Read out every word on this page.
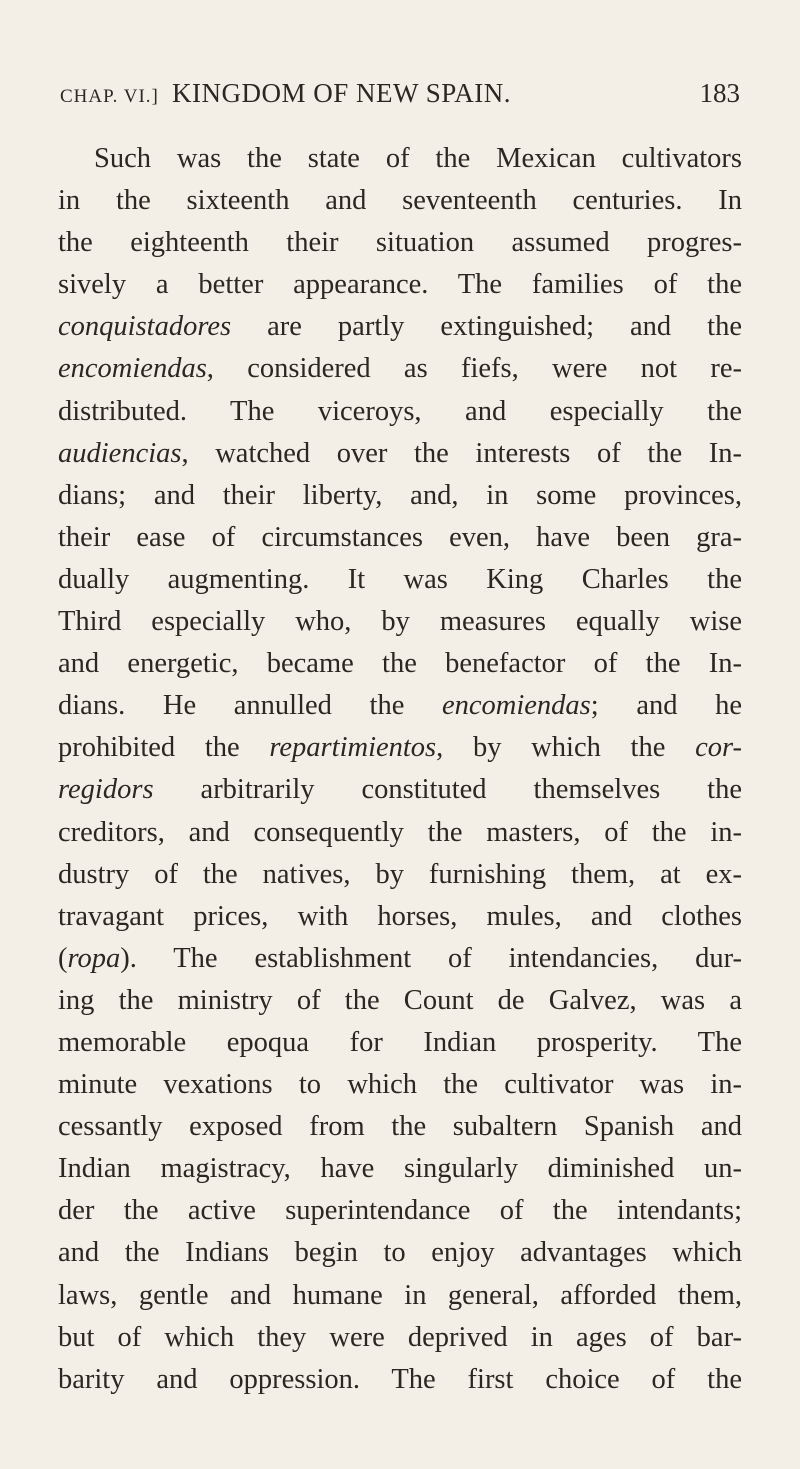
CHAP. VI.] KINGDOM OF NEW SPAIN.	183
Such was the state of the Mexican cultivators
in the sixteenth and seventeenth centuries. In
the eighteenth their situation assumed progres-
sively a better appearance. The families of the
conquistadores are partly extinguished; and the
encomiendas, considered as fiefs, were not re-
distributed. The viceroys, and especially the
audiencias, watched over the interests of the In-
dians; and their liberty, and, in some provinces,
their ease of circumstances even, have been gra-
dually augmenting. It was King Charles the
Third especially who, by measures equally wise
and energetic, became the benefactor of the In-
dians. He annulled the encomiendas; and he
prohibited the repartimientos, by which the cor-
regidors arbitrarily constituted themselves the
creditors, and consequently the masters, of the in-
dustry of the natives, by furnishing them, at ex-
travagant prices, with horses, mules, and clothes
(ropa). The establishment of intendancies, dur-
ing the ministry of the Count de Galvez, was a
memorable epoqua for Indian prosperity. The
minute vexations to which the cultivator was in-
cessantly exposed from the subaltern Spanish and
Indian magistracy, have singularly diminished un-
der the active superintendance of the intendants;
and the Indians begin to enjoy advantages which
laws, gentle and humane in general, afforded them,
but of which they were deprived in ages of bar-
barity and oppression. The first choice of the
